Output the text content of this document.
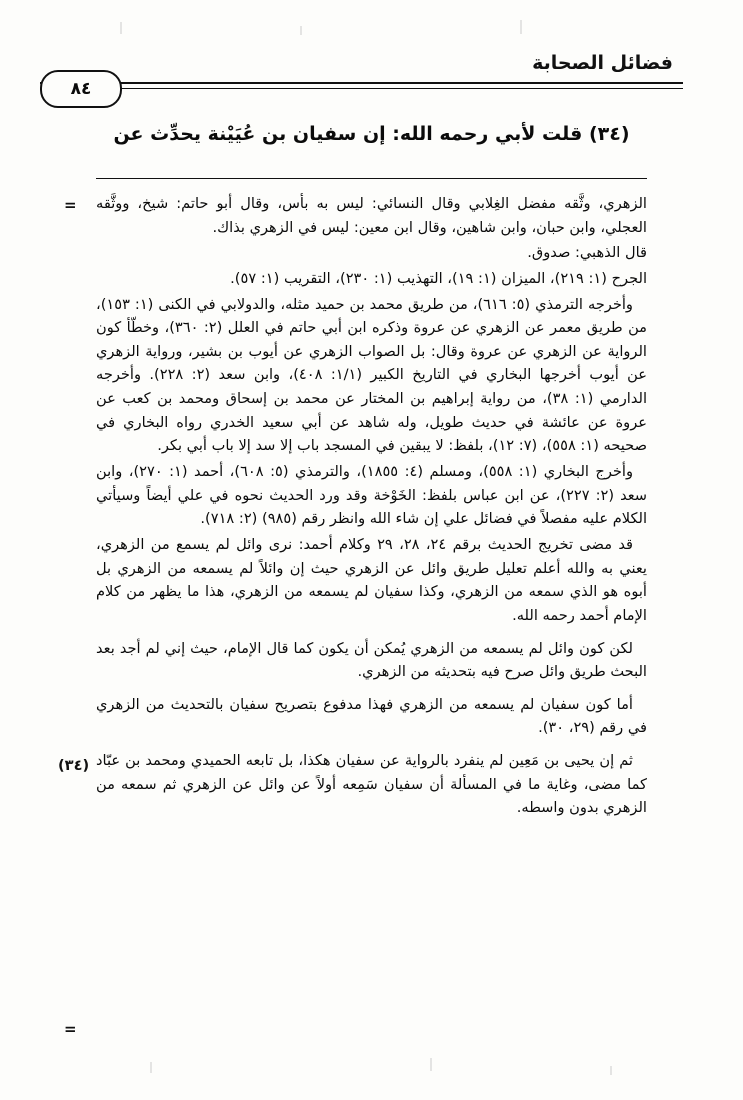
فضائل الصحابة
٨٤
(٣٤) قلت لأبي رحمه الله: إن سفيان بن عُيَيْنة يحدِّث عن
=
(٣٤)
=

الزهري، وثَّقه مفضل الغِلابي وقال النسائي: ليس به بأس، وقال أبو حاتم: شيخ، ووثَّقه العجلي، وابن حبان، وابن شاهين، وقال ابن معين: ليس في الزهري بذاك.

قال الذهبي: صدوق.

الجرح (١: ٢١٩)، الميزان (١: ١٩)، التهذيب (١: ٢٣٠)، التقريب (١: ٥٧).

وأخرجه الترمذي (٥: ٦١٦)، من طريق محمد بن حميد مثله، والدولابي في الكنى (١: ١٥٣)، من طريق معمر عن الزهري عن عروة وذكره ابن أبي حاتم في العلل (٢: ٣٦٠)، وخطّأ كون الرواية عن الزهري عن عروة وقال: بل الصواب الزهري عن أيوب بن بشير، ورواية الزهري عن أيوب أخرجها البخاري في التاريخ الكبير (١/١: ٤٠٨)، وابن سعد (٢: ٢٢٨). وأخرجه الدارمي (١: ٣٨)، من رواية إبراهيم بن المختار عن محمد بن إسحاق ومحمد بن كعب عن عروة عن عائشة في حديث طويل، وله شاهد عن أبي سعيد الخدري رواه البخاري في صحيحه (١: ٥٥٨)، (٧: ١٢)، بلفظ: لا يبقين في المسجد باب إلا سد إلا باب أبي بكر.

وأخرج البخاري (١: ٥٥٨)، ومسلم (٤: ١٨٥٥)، والترمذي (٥: ٦٠٨)، أحمد (١: ٢٧٠)، وابن سعد (٢: ٢٢٧)، عن ابن عباس بلفظ: الخَوْخة وقد ورد الحديث نحوه في علي أيضاً وسيأتي الكلام عليه مفصلاً في فضائل علي إن شاء الله وانظر رقم (٩٨٥) (٢: ٧١٨).

قد مضى تخريج الحديث برقم ٢٤، ٢٨، ٢٩ وكلام أحمد: نرى وائل لم يسمع من الزهري، يعني به والله أعلم تعليل طريق وائل عن الزهري حيث إن وائلاً لم يسمعه من الزهري بل أبوه هو الذي سمعه من الزهري، وكذا سفيان لم يسمعه من الزهري، هذا ما يظهر من كلام الإمام أحمد رحمه الله.

لكن كون وائل لم يسمعه من الزهري يُمكن أن يكون كما قال الإمام، حيث إني لم أجد بعد البحث طريق وائل صرح فيه بتحديثه من الزهري.

أما كون سفيان لم يسمعه من الزهري فهذا مدفوع بتصريح سفيان بالتحديث من الزهري في رقم (٢٩، ٣٠).

ثم إن يحيى بن مَعِين لم ينفرد بالرواية عن سفيان هكذا، بل تابعه الحميدي ومحمد بن عبّاد كما مضى، وغاية ما في المسألة أن سفيان سَمِعه أولاً عن وائل عن الزهري ثم سمعه من الزهري بدون واسطه.
